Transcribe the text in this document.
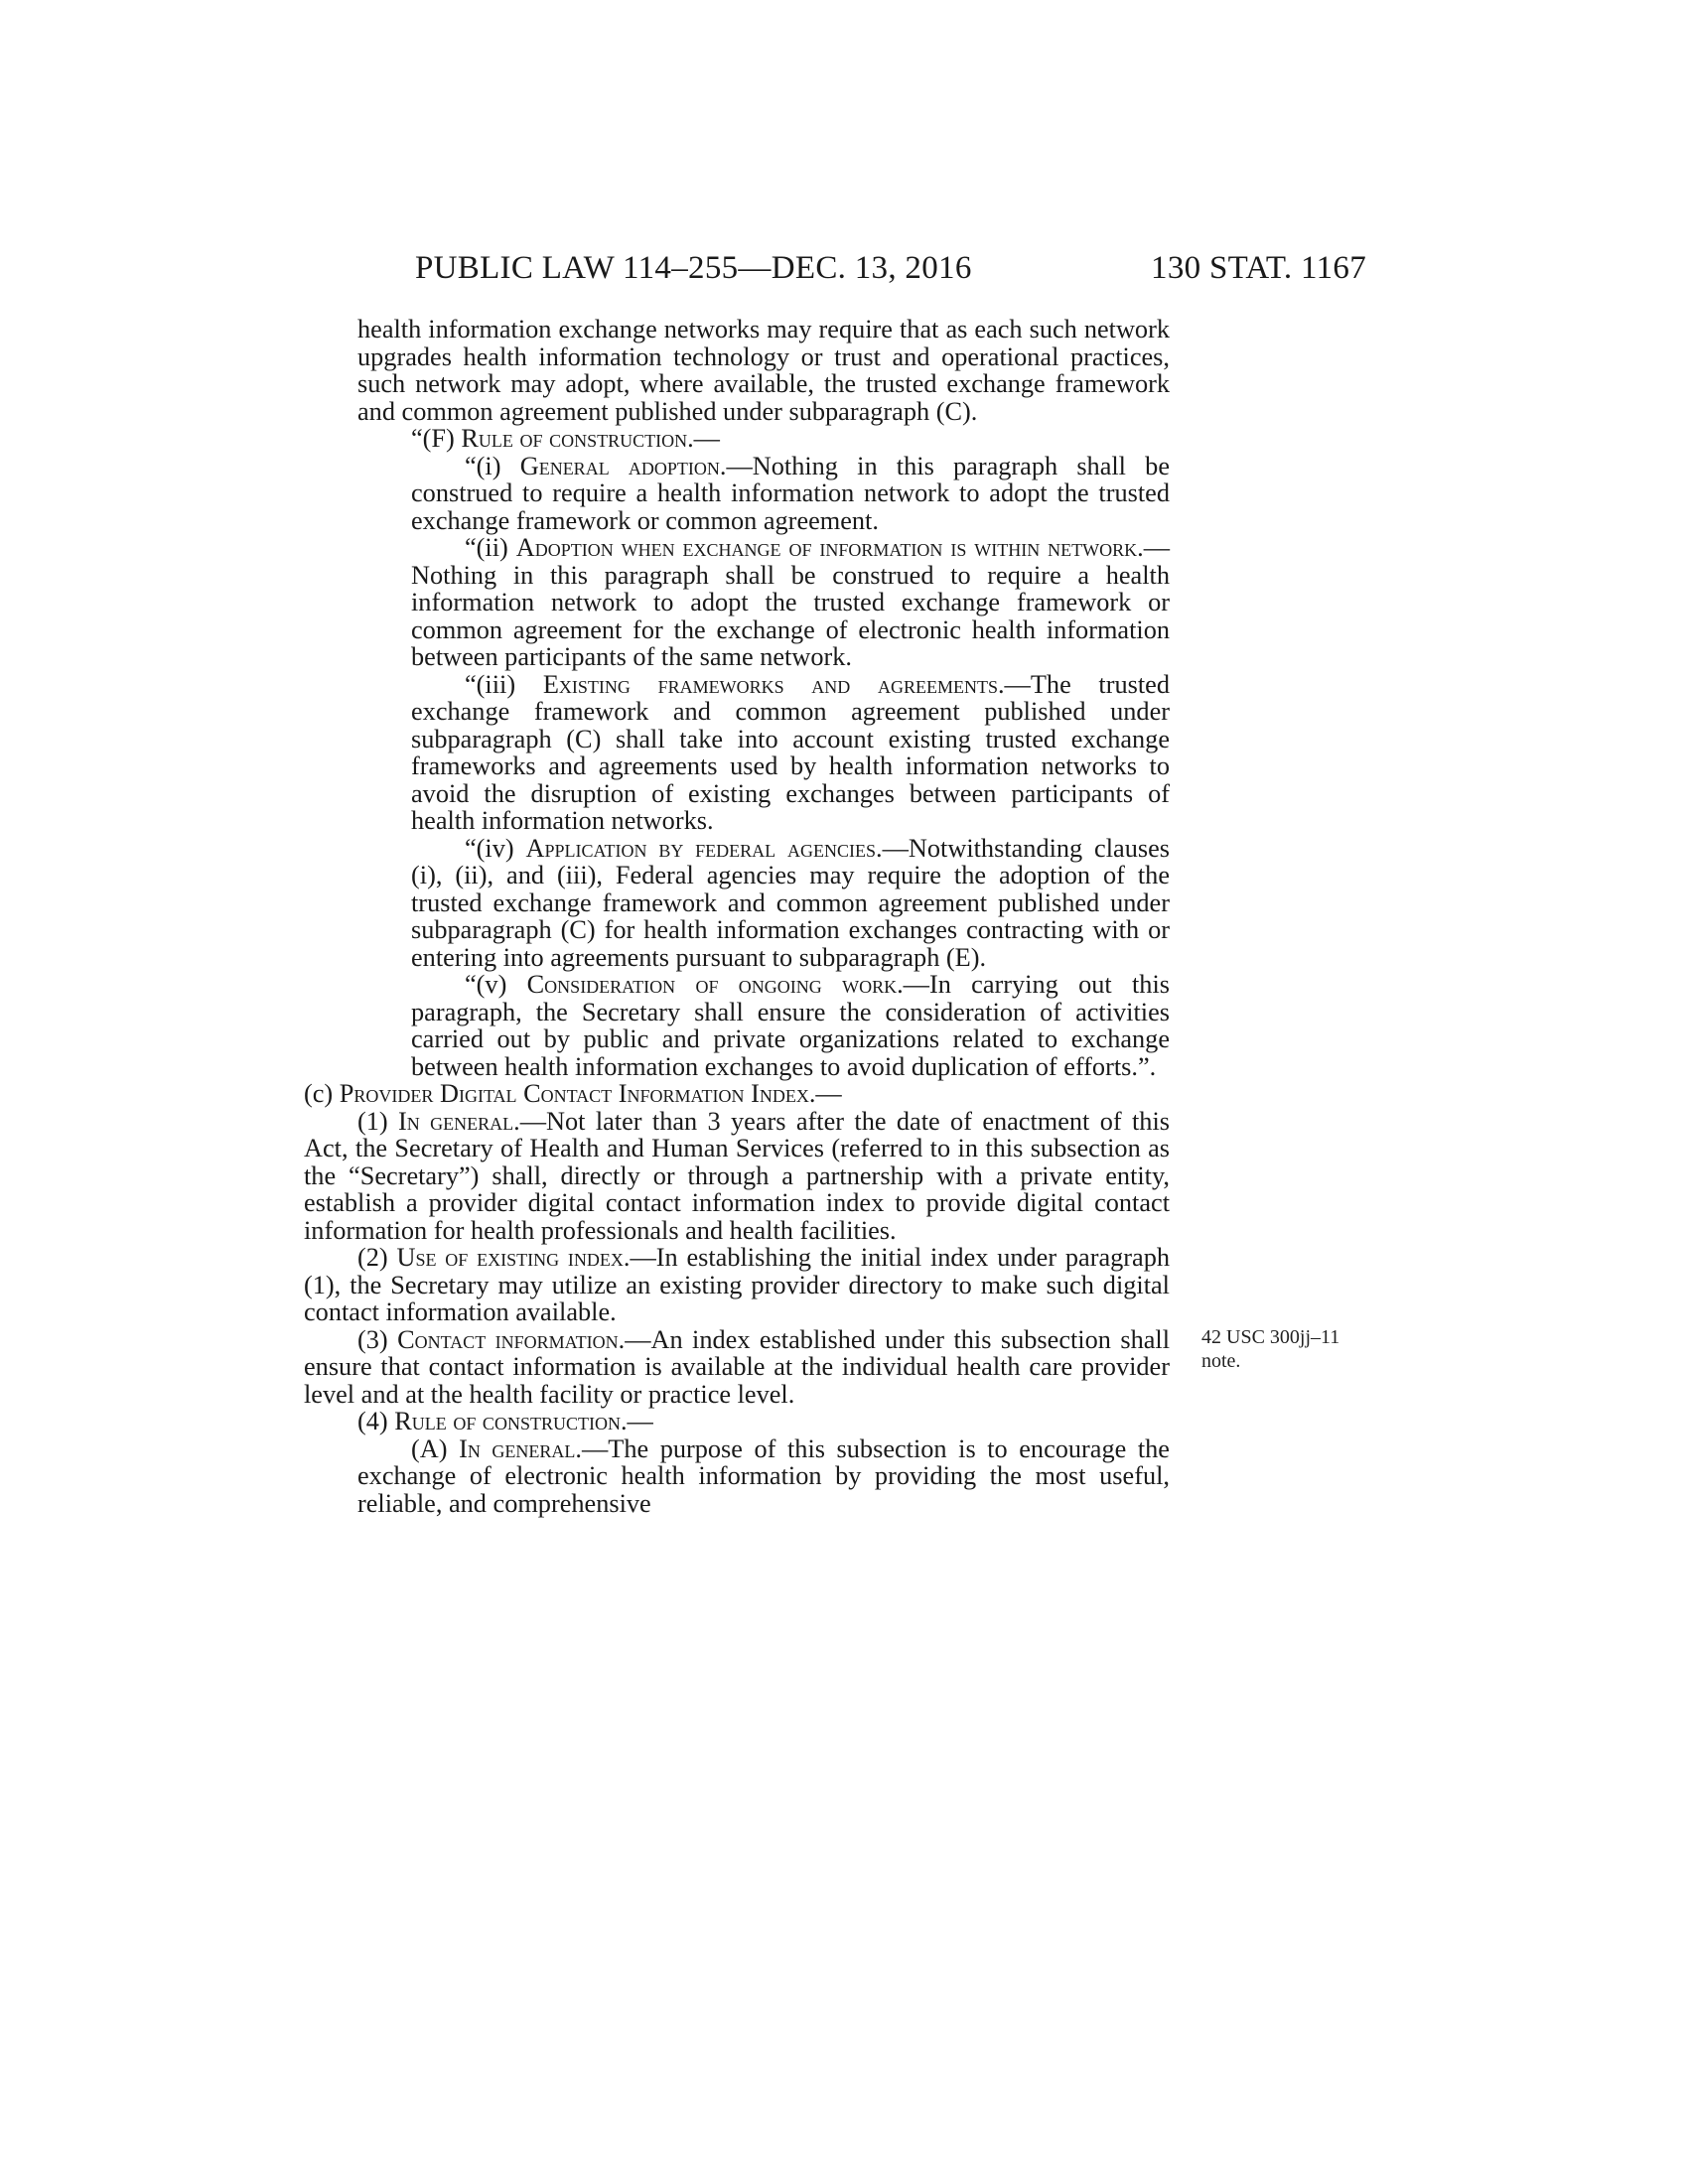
PUBLIC LAW 114–255—DEC. 13, 2016	130 STAT. 1167
42 USC 300jj–11
note.

health information exchange networks may require that as each such network upgrades health information technology or trust and operational practices, such network may adopt, where available, the trusted exchange framework and common agreement published under subparagraph (C).

“(F) Rule of construction.—

“(i) General adoption.—Nothing in this paragraph shall be construed to require a health information network to adopt the trusted exchange framework or common agreement.

“(ii) Adoption when exchange of information is within network.—Nothing in this paragraph shall be construed to require a health information network to adopt the trusted exchange framework or common agreement for the exchange of electronic health information between participants of the same network.

“(iii) Existing frameworks and agreements.—The trusted exchange framework and common agreement published under subparagraph (C) shall take into account existing trusted exchange frameworks and agreements used by health information networks to avoid the disruption of existing exchanges between participants of health information networks.

“(iv) Application by federal agencies.—Notwithstanding clauses (i), (ii), and (iii), Federal agencies may require the adoption of the trusted exchange framework and common agreement published under subparagraph (C) for health information exchanges contracting with or entering into agreements pursuant to subparagraph (E).

“(v) Consideration of ongoing work.—In carrying out this paragraph, the Secretary shall ensure the consideration of activities carried out by public and private organizations related to exchange between health information exchanges to avoid duplication of efforts.”.

(c) Provider Digital Contact Information Index.—

(1) In general.—Not later than 3 years after the date of enactment of this Act, the Secretary of Health and Human Services (referred to in this subsection as the “Secretary”) shall, directly or through a partnership with a private entity, establish a provider digital contact information index to provide digital contact information for health professionals and health facilities.

(2) Use of existing index.—In establishing the initial index under paragraph (1), the Secretary may utilize an existing provider directory to make such digital contact information available.

(3) Contact information.—An index established under this subsection shall ensure that contact information is available at the individual health care provider level and at the health facility or practice level.

(4) Rule of construction.—

(A) In general.—The purpose of this subsection is to encourage the exchange of electronic health information by providing the most useful, reliable, and comprehensive
